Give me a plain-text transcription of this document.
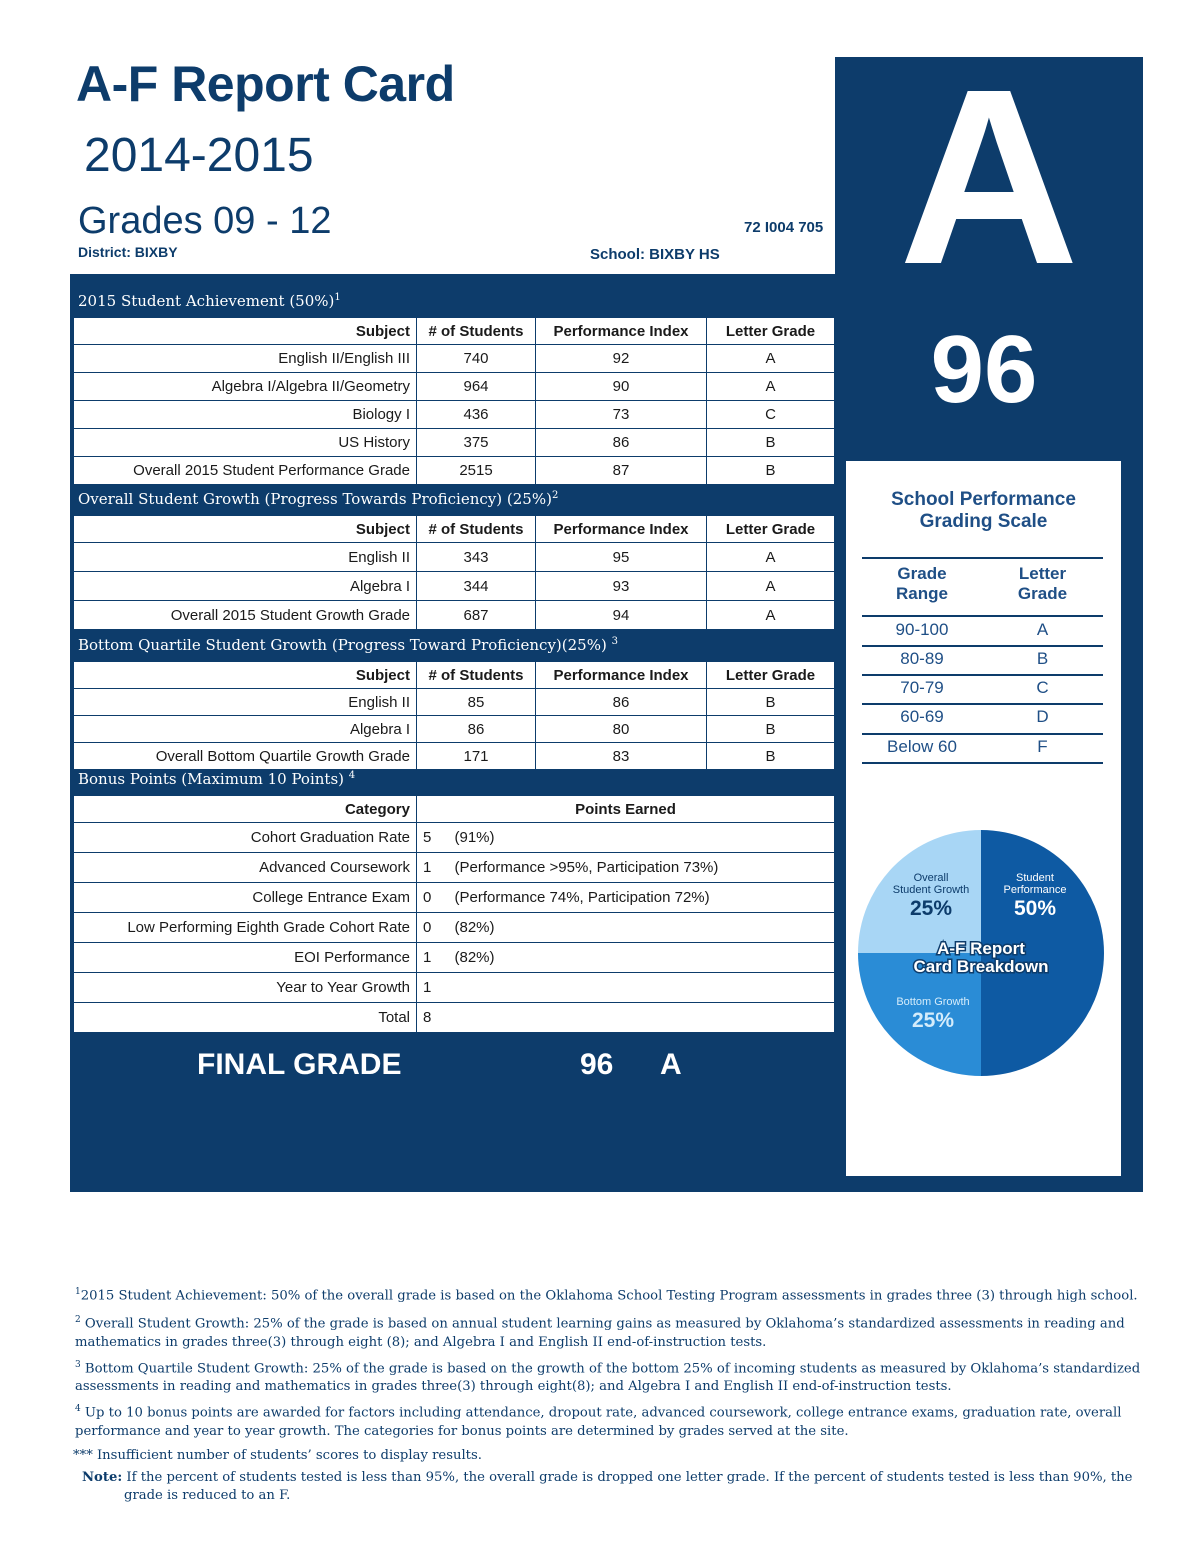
A-F Report Card
2014-2015
Grades 09 - 12
District: BIXBY
72 I004 705
School: BIXBY HS A
96
2015 Student Achievement $(50\%)^1$
Subject	# of Students	Performance Index	Letter Grade
English II/English III	740	92	A
Algebra I/Algebra II/Geometry	964	90	A
Biology I	436	73	C
US History	375	86	B
Overall 2015 Student Performance Grade	2515	87	B
Overall Student Growth (Progress Towards Proficiency) $(25\%)^2$
Subject	# of Students	Performance Index	Letter Grade
English II	343	95	A
Algebra I	344	93	A
Overall 2015 Student Growth Grade	687	94	A
Bottom Quartile Student Growth (Progress Toward Proficiency)(25%) $^3$
Subject	# of Students	Performance Index	Letter Grade
English II	85	86	B
Algebra I	86	80	B
Overall Bottom Quartile Growth Grade	171	83	B
Bonus Points (Maximum 10 Points) $^4$
Category	Points Earned	
Cohort Graduation Rate	5	(91%)
Advanced Coursework	1	(Performance >95%, Participation 73%)
College Entrance Exam	0	(Performance 74%, Participation 72%)
Low Performing Eighth Grade Cohort Rate	0	(82%)
EOI Performance	1	(82%)
Year to Year Growth	1	
Total	8	
FINAL GRADE	96 A
School Performance
Grading Scale
Grade
Range
Letter
Grade
90-100	A
80-89	B
70-79	C
60-69	D
Below 60	F
Student
Performance
50%
Overall
Student Growth
25%
Bottom Growth
25%
A-F Report
Card Breakdown
$^1$2015 Student Achievement: 50% of the overall grade is based on the Oklahoma School Testing Program assessments in grades three (3) through high school.
$^2$ Overall Student Growth: 25% of the grade is based on annual student learning gains as measured by Oklahoma’s standardized assessments in reading and
mathematics in grades three(3) through eight (8); and Algebra I and English II end-of-instruction tests.
$^3$ Bottom Quartile Student Growth: 25% of the grade is based on the growth of the bottom 25% of incoming students as measured by Oklahoma’s standardized
assessments in reading and mathematics in grades three(3) through eight(8); and Algebra I and English II end-of-instruction tests.
$^4$ Up to 10 bonus points are awarded for factors including attendance, dropout rate, advanced coursework, college entrance exams, graduation rate, overall
performance and year to year growth. The categories for bonus points are determined by grades served at the site.
*** Insufficient number of students’ scores to display results.
Note: If the percent of students tested is less than 95%, the overall grade is dropped one letter grade. If the percent of students tested is less than 90%, the
grade is reduced to an F.
